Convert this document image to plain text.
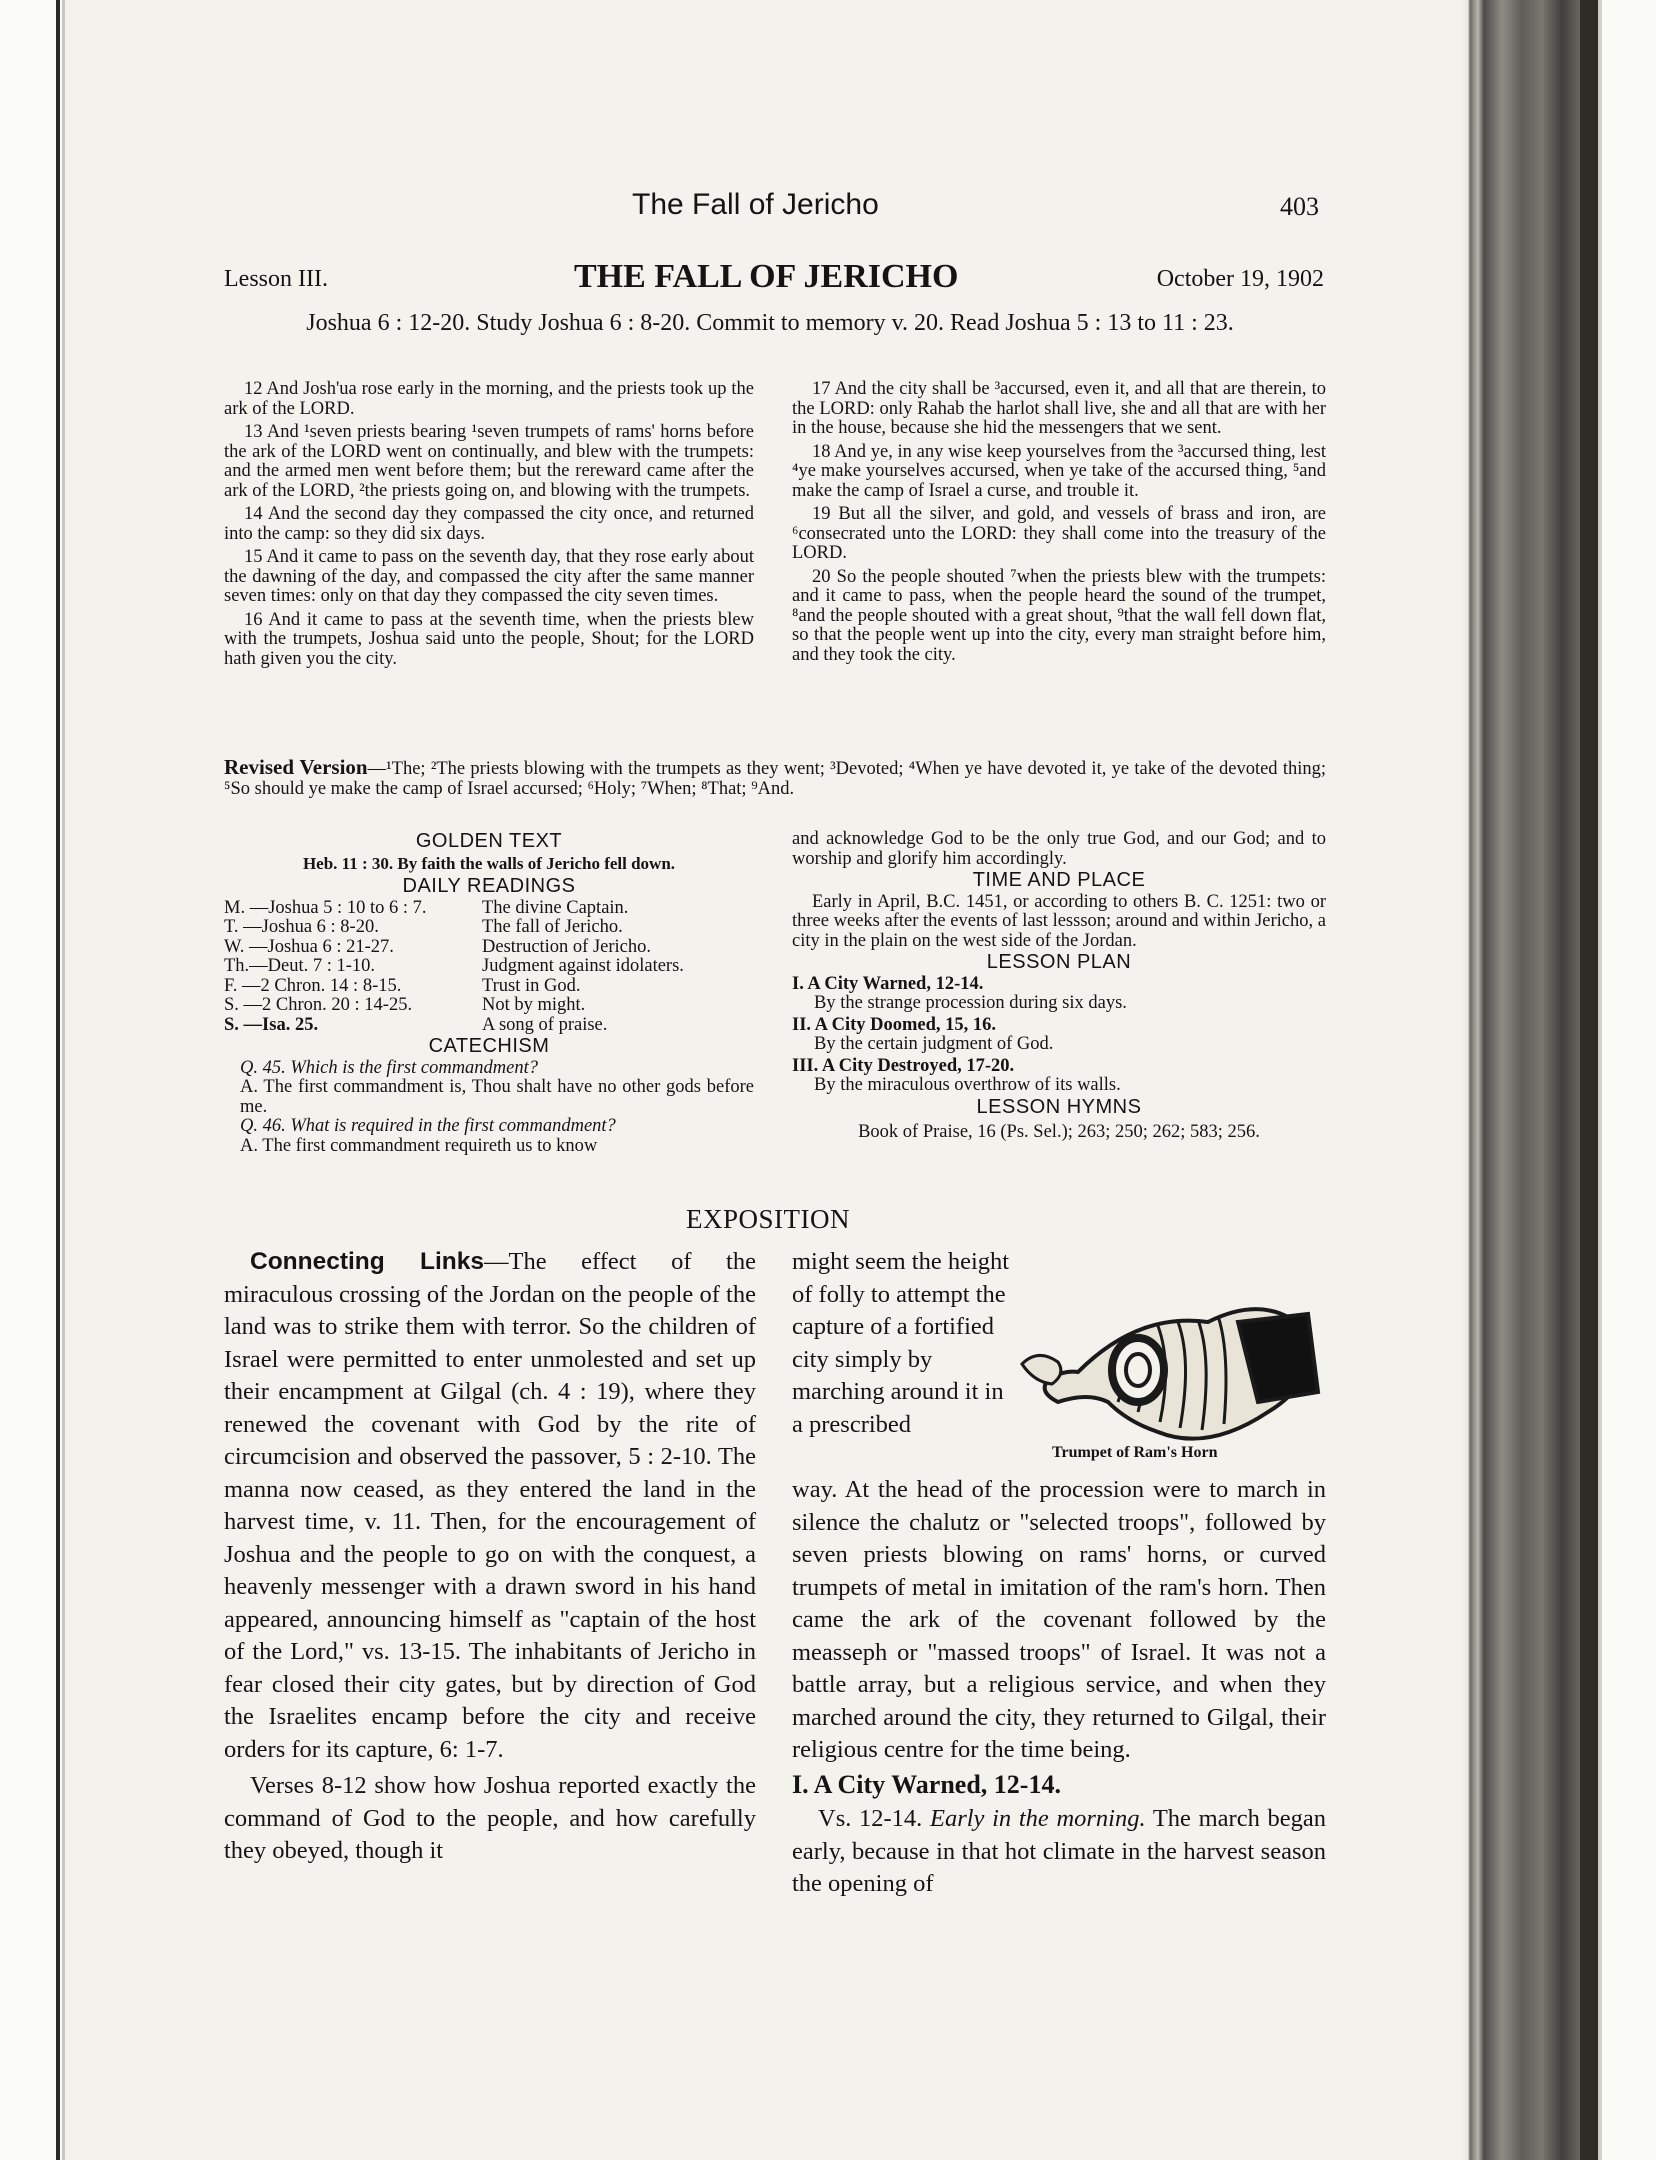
The Fall of Jericho	403
Lesson III.	THE FALL OF JERICHO	October 19, 1902
Joshua 6 : 12-20. Study Joshua 6 : 8-20. Commit to memory v. 20. Read Joshua 5 : 13 to 11 : 23.

12 And Josh'ua rose early in the morning, and the priests took up the ark of the LORD.

13 And ¹seven priests bearing ¹seven trumpets of rams' horns before the ark of the LORD went on continually, and blew with the trumpets: and the armed men went before them; but the rereward came after the ark of the LORD, ²the priests going on, and blowing with the trumpets.

14 And the second day they compassed the city once, and returned into the camp: so they did six days.

15 And it came to pass on the seventh day, that they rose early about the dawning of the day, and compassed the city after the same manner seven times: only on that day they compassed the city seven times.

16 And it came to pass at the seventh time, when the priests blew with the trumpets, Joshua said unto the people, Shout; for the LORD hath given you the city.

17 And the city shall be ³accursed, even it, and all that are therein, to the LORD: only Rahab the harlot shall live, she and all that are with her in the house, because she hid the messengers that we sent.

18 And ye, in any wise keep yourselves from the ³accursed thing, lest ⁴ye make yourselves accursed, when ye take of the accursed thing, ⁵and make the camp of Israel a curse, and trouble it.

19 But all the silver, and gold, and vessels of brass and iron, are ⁶consecrated unto the LORD: they shall come into the treasury of the LORD.

20 So the people shouted ⁷when the priests blew with the trumpets: and it came to pass, when the people heard the sound of the trumpet, ⁸and the people shouted with a great shout, ⁹that the wall fell down flat, so that the people went up into the city, every man straight before him, and they took the city.

Revised Version—¹The; ²The priests blowing with the trumpets as they went; ³Devoted; ⁴When ye have devoted it, ye take of the devoted thing; ⁵So should ye make the camp of Israel accursed; ⁶Holy; ⁷When; ⁸That; ⁹And.
GOLDEN TEXT
Heb. 11 : 30. By faith the walls of Jericho fell down.
DAILY READINGS
M. —Joshua 5 : 10 to 6 : 7.	The divine Captain.
T. —Joshua 6 : 8-20.	The fall of Jericho.
W. —Joshua 6 : 21-27.	Destruction of Jericho.
Th.—Deut. 7 : 1-10.	Judgment against idolaters.
F. —2 Chron. 14 : 8-15.	Trust in God.
S. —2 Chron. 20 : 14-25.	Not by might.
S. —Isa. 25.	A song of praise.
CATECHISM

Q. 45. Which is the first commandment?

A. The first commandment is, Thou shalt have no other gods before me.

Q. 46. What is required in the first commandment?

A. The first commandment requireth us to know

and acknowledge God to be the only true God, and our God; and to worship and glorify him accordingly.
TIME AND PLACE
Early in April, B.C. 1451, or according to others B. C. 1251: two or three weeks after the events of last lessson; around and within Jericho, a city in the plain on the west side of the Jordan.
LESSON PLAN
I. A City Warned, 12-14.
By the strange procession during six days.
II. A City Doomed, 15, 16.
By the certain judgment of God.
III. A City Destroyed, 17-20.
By the miraculous overthrow of its walls.
LESSON HYMNS
Book of Praise, 16 (Ps. Sel.); 263; 250; 262; 583; 256.
EXPOSITION

Connecting Links—The effect of the miraculous crossing of the Jordan on the people of the land was to strike them with terror. So the children of Israel were permitted to enter unmolested and set up their encampment at Gilgal (ch. 4 : 19), where they renewed the covenant with God by the rite of circumcision and observed the passover, 5 : 2-10. The manna now ceased, as they entered the land in the harvest time, v. 11. Then, for the encouragement of Joshua and the people to go on with the conquest, a heavenly messenger with a drawn sword in his hand appeared, announcing himself as "captain of the host of the Lord," vs. 13-15. The inhabitants of Jericho in fear closed their city gates, but by direction of God the Israelites encamp before the city and receive orders for its capture, 6: 1-7.

Verses 8-12 show how Joshua reported exactly the command of God to the people, and how carefully they obeyed, though it

might seem the height of folly to attempt the capture of a fortified city simply by marching around it in a prescribed
Trumpet of Ram's Horn

way. At the head of the procession were to march in silence the chalutz or "selected troops", followed by seven priests blowing on rams' horns, or curved trumpets of metal in imitation of the ram's horn. Then came the ark of the covenant followed by the measseph or "massed troops" of Israel. It was not a battle array, but a religious service, and when they marched around the city, they returned to Gilgal, their religious centre for the time being.

I. A City Warned, 12-14.

Vs. 12-14. Early in the morning. The march began early, because in that hot climate in the harvest season the opening of
